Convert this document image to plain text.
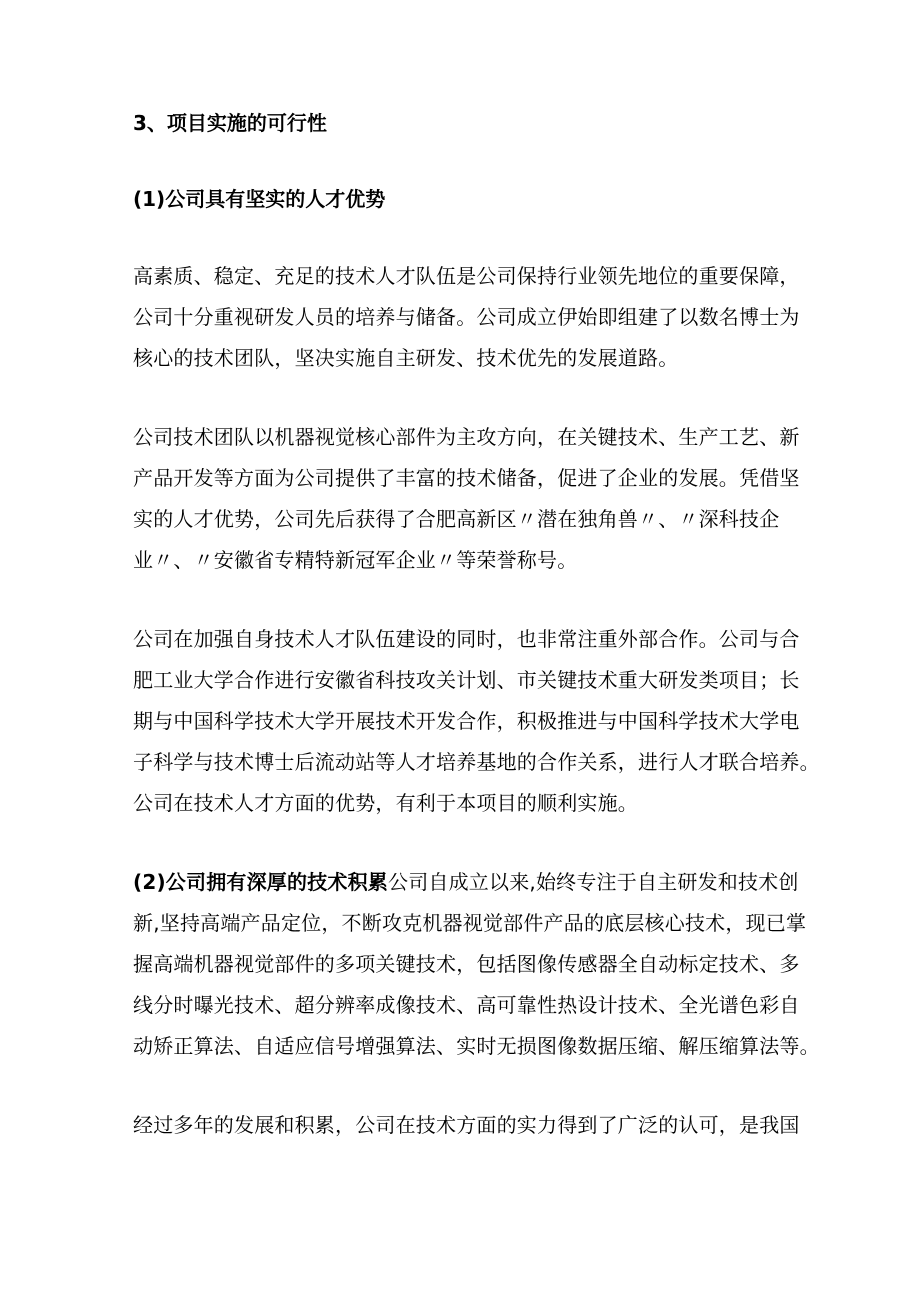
3、项目实施的可行性

(1)公司具有坚实的人才优势

高素质、稳定、充足的技术人才队伍是公司保持行业领先地位的重要保障，
公司十分重视研发人员的培养与储备。公司成立伊始即组建了以数名博士为
核心的技术团队，坚决实施自主研发、技术优先的发展道路。

公司技术团队以机器视觉核心部件为主攻方向，在关键技术、生产工艺、新
产品开发等方面为公司提供了丰富的技术储备，促进了企业的发展。凭借坚
实的人才优势，公司先后获得了合肥高新区〃潜在独角兽〃、〃深科技企
业〃、〃安徽省专精特新冠军企业〃等荣誉称号。

公司在加强自身技术人才队伍建设的同时，也非常注重外部合作。公司与合
肥工业大学合作进行安徽省科技攻关计划、市关键技术重大研发类项目；长
期与中国科学技术大学开展技术开发合作，积极推进与中国科学技术大学电
子科学与技术博士后流动站等人才培养基地的合作关系，进行人才联合培养。
公司在技术人才方面的优势，有利于本项目的顺利实施。

(2)公司拥有深厚的技术积累公司自成立以来,始终专注于自主研发和技术创
新,坚持高端产品定位，不断攻克机器视觉部件产品的底层核心技术，现已掌
握高端机器视觉部件的多项关键技术，包括图像传感器全自动标定技术、多
线分时曝光技术、超分辨率成像技术、高可靠性热设计技术、全光谱色彩自
动矫正算法、自适应信号增强算法、实时无损图像数据压缩、解压缩算法等。

经过多年的发展和积累，公司在技术方面的实力得到了广泛的认可，是我国
